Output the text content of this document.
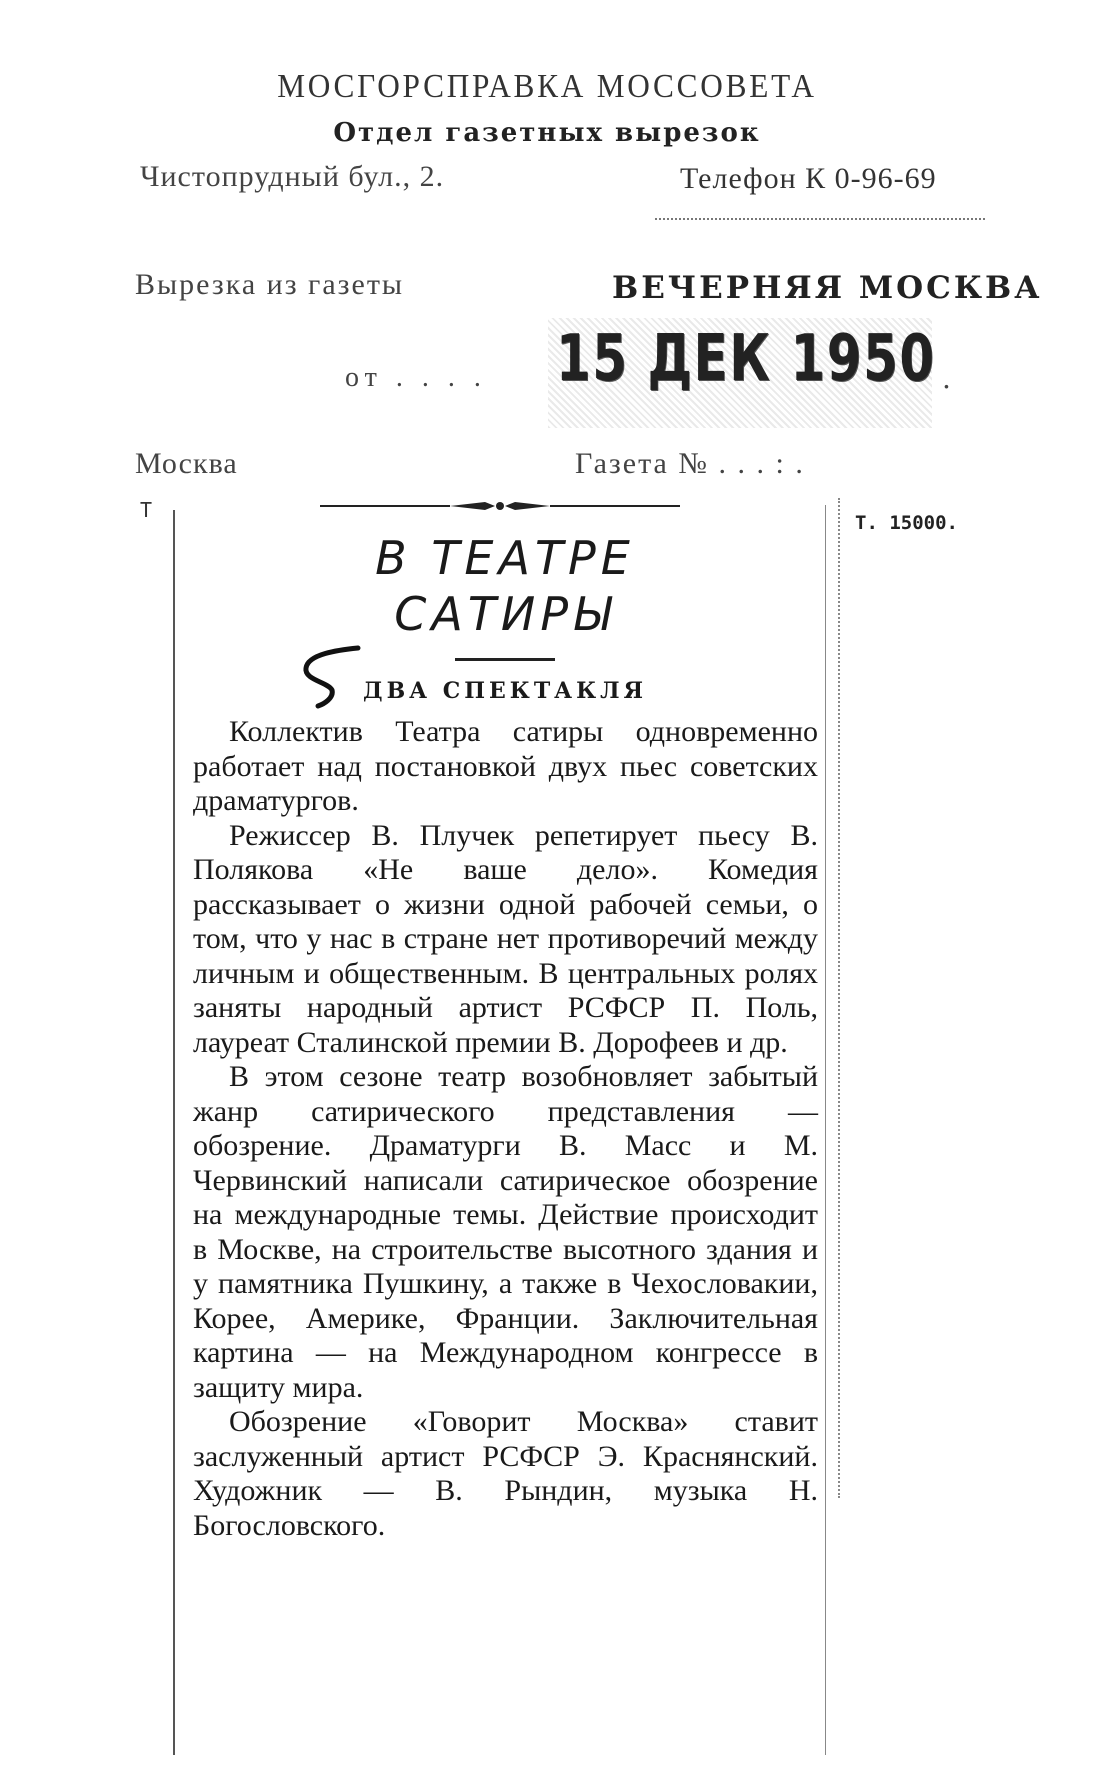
МОСГОРСПРАВКА МОССОВЕТА
Отдел газетных вырезок
Чистопрудный бул., 2.	Телефон К 0-96-69
Вырезка из газеты	ВЕЧЕРНЯЯ МОСКВА
от . . . . 15 ДЕК 1950 .
Москва	Газета № . . . : .
Т
Т. 15000.
В ТЕАТРЕ
САТИРЫ
ДВА СПЕКТАКЛЯ

Коллектив Театра сатиры одновременно работает над постановкой двух пьес советских драматургов.

Режиссер В. Плучек репетирует пьесу В. Полякова «Не ваше дело». Комедия рассказывает о жизни одной рабочей семьи, о том, что у нас в стране нет противоречий между личным и общественным. В центральных ролях заняты народный артист РСФСР П. Поль, лауреат Сталинской премии В. Дорофеев и др.

В этом сезоне театр возобновляет забытый жанр сатирического представления — обозрение. Драматурги В. Масс и М. Червинский написали сатирическое обозрение на международные темы. Действие происходит в Москве, на строительстве высотного здания и у памятника Пушкину, а также в Чехословакии, Корее, Америке, Франции. Заключительная картина — на Международном конгрессе в защиту мира.

Обозрение «Говорит Москва» ставит заслуженный артист РСФСР Э. Краснянский. Художник — В. Рындин, музыка Н. Богословского.
